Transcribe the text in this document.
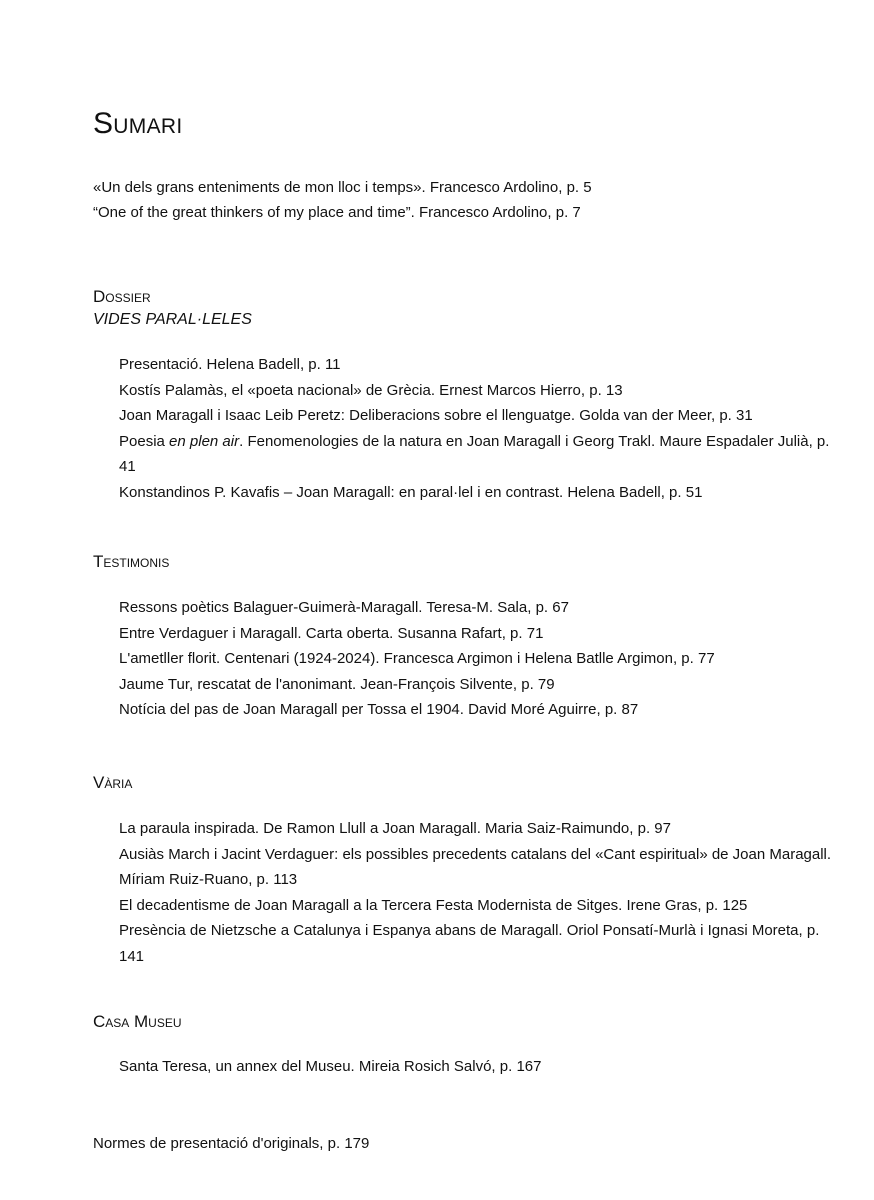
Sumari
«Un dels grans enteniments de mon lloc i temps». Francesco Ardolino, p. 5
“One of the great thinkers of my place and time”. Francesco Ardolino, p. 7
Dossier
VIDES PARAL·LELES
Presentació. Helena Badell, p. 11
Kostís Palamàs, el «poeta nacional» de Grècia. Ernest Marcos Hierro, p. 13
Joan Maragall i Isaac Leib Peretz: Deliberacions sobre el llenguatge. Golda van der Meer, p. 31
Poesia en plen air. Fenomenologies de la natura en Joan Maragall i Georg Trakl. Maure Espadaler Julià, p. 41
Konstandinos P. Kavafis – Joan Maragall: en paral·lel i en contrast. Helena Badell, p. 51
Testimonis
Ressons poètics Balaguer-Guimerà-Maragall. Teresa-M. Sala, p. 67
Entre Verdaguer i Maragall. Carta oberta. Susanna Rafart, p. 71
L'ametller florit. Centenari (1924-2024). Francesca Argimon i Helena Batlle Argimon, p. 77
Jaume Tur, rescatat de l'anonimant. Jean-François Silvente, p. 79
Notícia del pas de Joan Maragall per Tossa el 1904. David Moré Aguirre, p. 87
Vària
La paraula inspirada. De Ramon Llull a Joan Maragall. Maria Saiz-Raimundo, p. 97
Ausiàs March i Jacint Verdaguer: els possibles precedents catalans del «Cant espiritual» de Joan Maragall. Míriam Ruiz-Ruano, p. 113
El decadentisme de Joan Maragall a la Tercera Festa Modernista de Sitges. Irene Gras, p. 125
Presència de Nietzsche a Catalunya i Espanya abans de Maragall. Oriol Ponsatí-Murlà i Ignasi Moreta, p. 141
Casa Museu
Santa Teresa, un annex del Museu. Mireia Rosich Salvó, p. 167
Normes de presentació d'originals, p. 179
